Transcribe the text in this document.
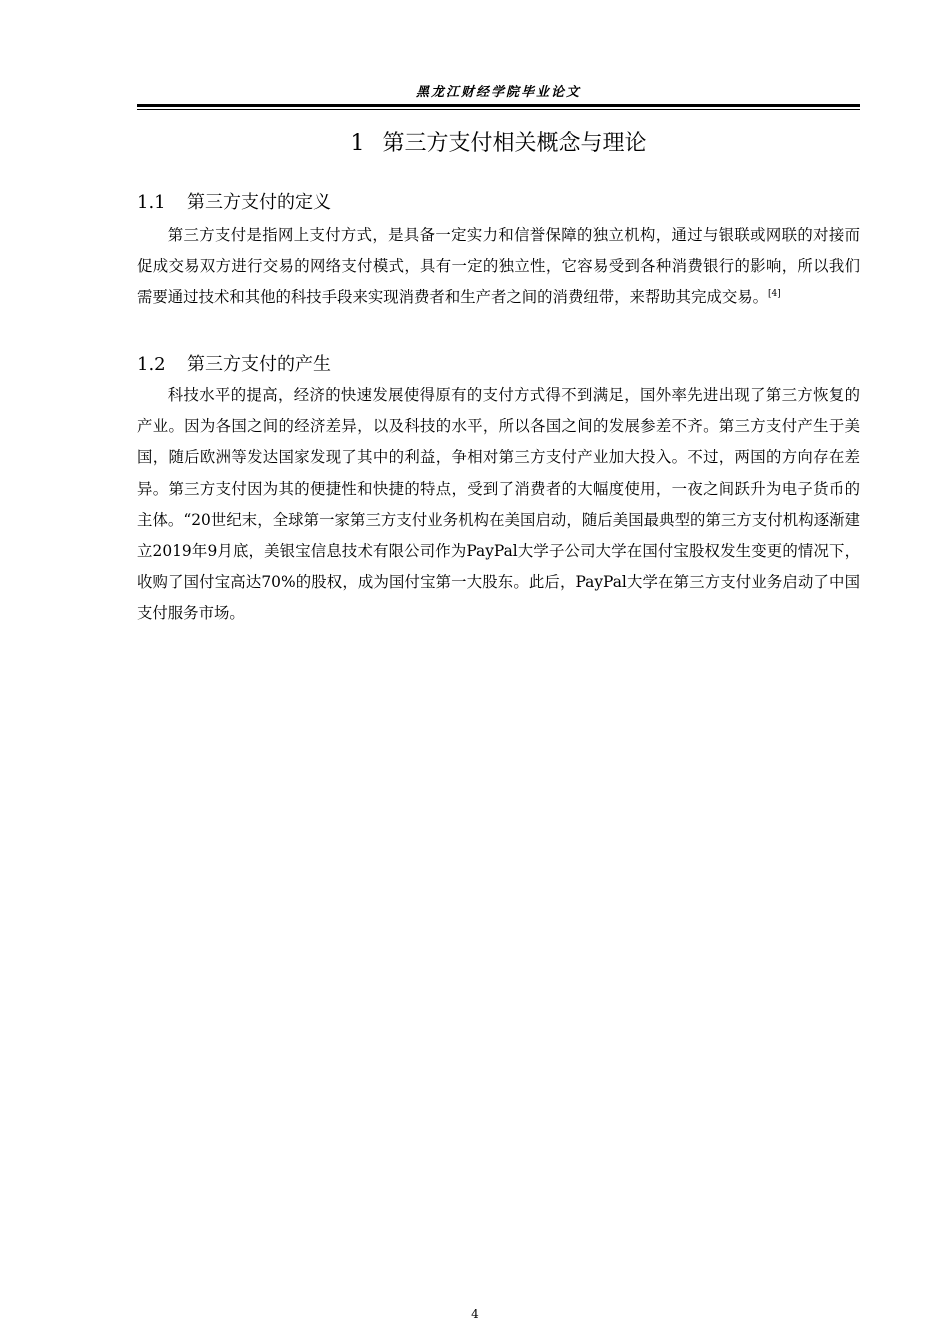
黑龙江财经学院毕业论文
1 第三方支付相关概念与理论
1.1 第三方支付的定义

第三方支付是指网上支付方式，是具备一定实力和信誉保障的独立机构，通过与银联或网联的对接而促成交易双方进行交易的网络支付模式，具有一定的独立性，它容易受到各种消费银行的影响，所以我们需要通过技术和其他的科技手段来实现消费者和生产者之间的消费纽带，来帮助其完成交易。[4]

1.2 第三方支付的产生

科技水平的提高，经济的快速发展使得原有的支付方式得不到满足，国外率先进出现了第三方恢复的产业。因为各国之间的经济差异，以及科技的水平，所以各国之间的发展参差不齐。第三方支付产生于美国，随后欧洲等发达国家发现了其中的利益，争相对第三方支付产业加大投入。不过，两国的方向存在差异。第三方支付因为其的便捷性和快捷的特点，受到了消费者的大幅度使用，一夜之间跃升为电子货币的主体。“20世纪末，全球第一家第三方支付业务机构在美国启动，随后美国最典型的第三方支付机构逐渐建立2019年9月底，美银宝信息技术有限公司作为PayPal大学子公司大学在国付宝股权发生变更的情况下，收购了国付宝高达70%的股权，成为国付宝第一大股东。此后，PayPal大学在第三方支付业务启动了中国支付服务市场。

4
